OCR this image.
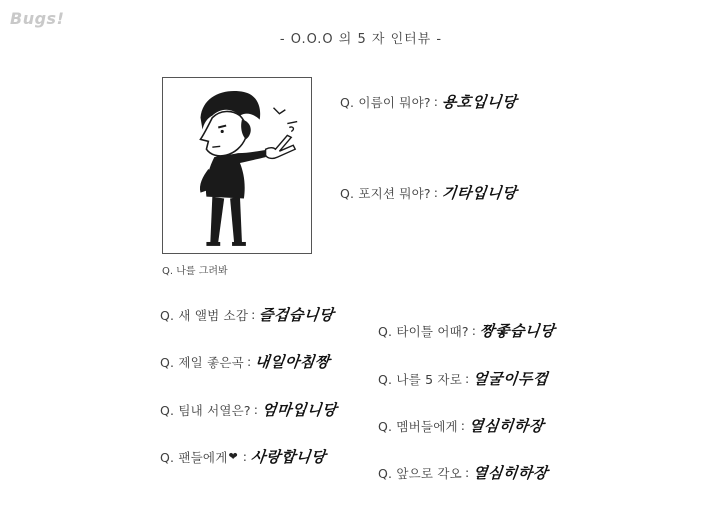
Bugs!
- O.O.O 의 5 자 인터뷰 -
Q. 나를 그려봐
Q. 이름이 뭐야? : 용호입니당
Q. 포지션 뭐야? : 기타입니당
Q. 새 앨범 소감 : 즐겁습니당
Q. 제일 좋은곡 : 내일아침짱
Q. 팀내 서열은? : 엄마입니당
Q. 팬들에게 ❤ : 사랑합니당
Q. 타이틀 어때? : 짱좋습니당
Q. 나를 5 자로 : 얼굴이두껍
Q. 멤버들에게 : 열심히하장
Q. 앞으로 각오 : 열심히하장
